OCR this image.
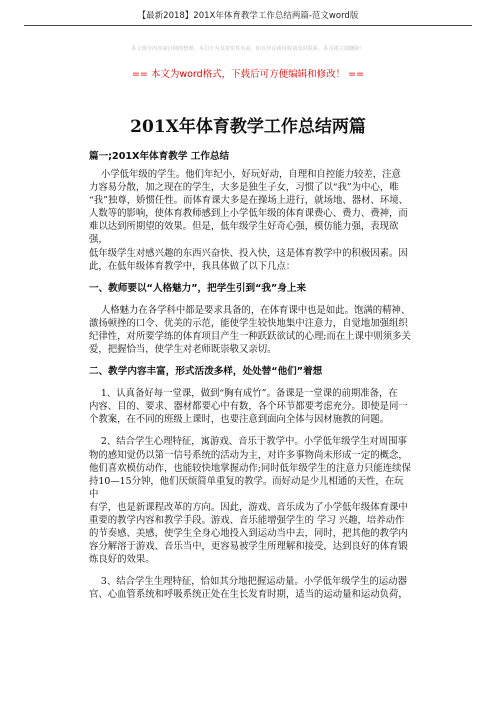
【最新2018】201X年体育教学工作总结两篇-范文word版
本文部分内容来自网络整理，本司不为其真实性负责，如有异议或侵权请及时联系，本司将立即删除！
== 本文为word格式，下载后可方便编辑和修改！ ==
201X年体育教学工作总结两篇
篇一;201X年体育教学 工作总结
小学低年级的学生。他们年纪小，好玩好动，自理和自控能力较差，注意
力容易分散，加之现在的学生，大多是独生子女，习惯了以“我”为中心，唯
“我”独尊，娇惯任性。而体育课大多是在操场上进行，就场地、器材、环境、
人数等的影响，使体育教师感到上小学低年级的体育课费心、费力、费神，而
难以达到所期望的效果。但是，低年级学生好奇心强，模仿能力强，表现欲强，
低年级学生对感兴趣的东西兴奋快、投入快，这是体育教学中的积极因素。因
此，在低年级体育教学中，我具体做了以下几点：
一、教师要以“人格魅力”，把学生引到“我”身上来
人格魅力在各学科中都是要求具备的，在体育课中也是如此。饱满的精神、
激扬顿挫的口令、优美的示范，能使学生较快地集中注意力，自觉地加强组织
纪律性，对所要学练的体育项目产生一种跃跃欲试的心理;而在上课中则须多关
爱，把握恰当，使学生对老师既崇敬又亲切。
二、教学内容丰富，形式活泼多样，处处替“他们”着想
1、认真备好每一堂课，做到“胸有成竹”。备课是一堂课的前期准备，在
内容、目的、要求、器材都要心中有数，各个环节都要考虑充分。即使是同一
个教案，在不同的班级上课时，也要注意到面向全体与因材施教的问题。
2、结合学生心理特征，寓游戏、音乐于教学中。小学低年级学生对周围事
物的感知觉仍以第一信号系统的活动为主，对许多事物尚未形成一定的概念，
他们喜欢模仿动作，也能较快地掌握动作;同时低年级学生的注意力只能连续保
持10—15分钟，他们厌烦简单重复的教学。而好动是少儿相通的天性，在玩中
有学，也是新课程改革的方向。因此，游戏、音乐成为了小学低年级体育课中
重要的教学内容和教学手段。游戏、音乐能增强学生的 学习 兴趣，培养动作
的节奏感、美感，使学生全身心地投入到运动当中去，同时，把其他的教学内
容分解溶于游戏、音乐当中，更容易被学生所理解和接受，达到良好的体育锻
炼良好的效果。
3、结合学生生理特征，恰如其分地把握运动量。小学低年级学生的运动器
官、心血管系统和呼吸系统正处在生长发育时期，适当的运动量和运动负荷，
